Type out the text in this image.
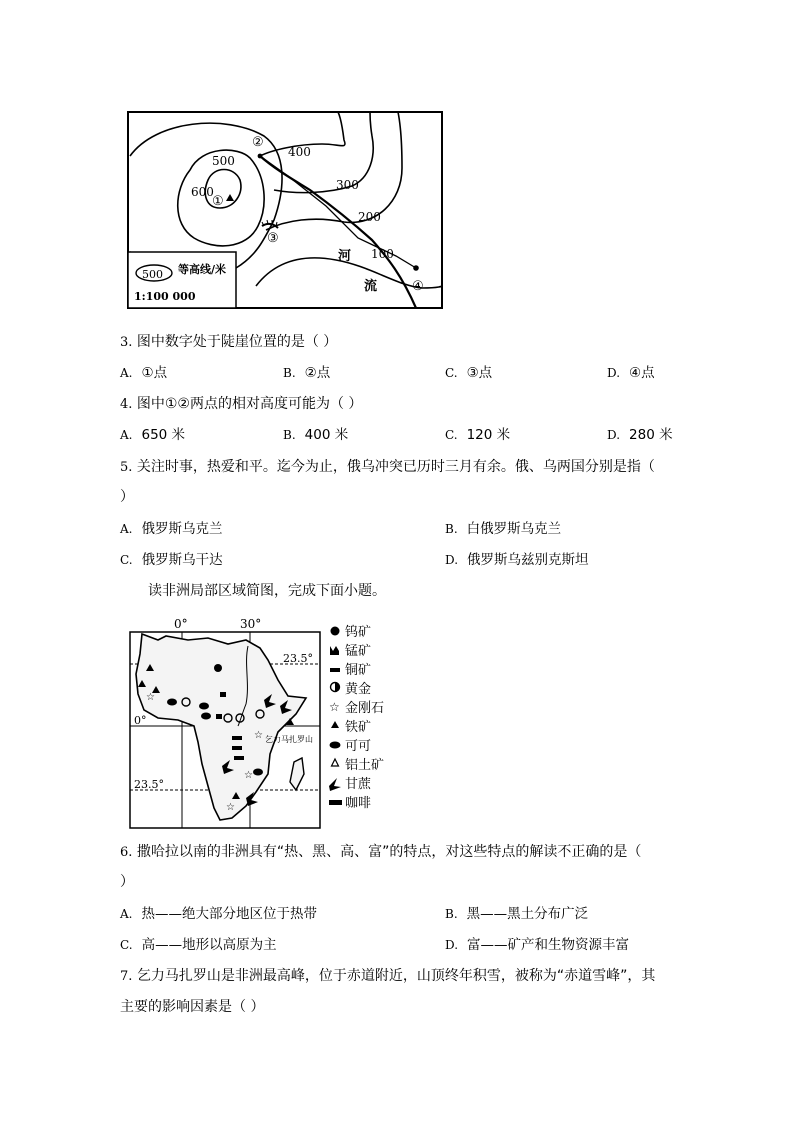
600
500
400
300
200
100
①
②
③
④
河
流
500 等高线/米
1:100 000
3. 图中数字处于陡崖位置的是（ ）
A. ①点	B. ②点	C. ③点	D. ④点
4. 图中①②两点的相对高度可能为（ ）
A. 650 米	B. 400 米	C. 120 米	D. 280 米
5. 关注时事，热爱和平。迄今为止，俄乌冲突已历时三月有余。俄、乌两国分别是指（
）
A. 俄罗斯乌克兰	B. 白俄罗斯乌克兰
C. 俄罗斯乌干达	D. 俄罗斯乌兹别克斯坦
读非洲局部区域简图，完成下面小题。
☆
☆
☆
☆
0°	30°
23.5°
0°
23.5°
乞力马扎罗山
钨矿
锰矿
铜矿
黄金
☆ 金刚石
铁矿
可可
铝土矿
甘蔗
咖啡
6. 撒哈拉以南的非洲具有“热、黑、高、富”的特点，对这些特点的解读不正确的是（
）
A. 热——绝大部分地区位于热带	B. 黑——黑土分布广泛
C. 高——地形以高原为主	D. 富——矿产和生物资源丰富
7. 乞力马扎罗山是非洲最高峰，位于赤道附近，山顶终年积雪，被称为“赤道雪峰”，其
主要的影响因素是（ ）
